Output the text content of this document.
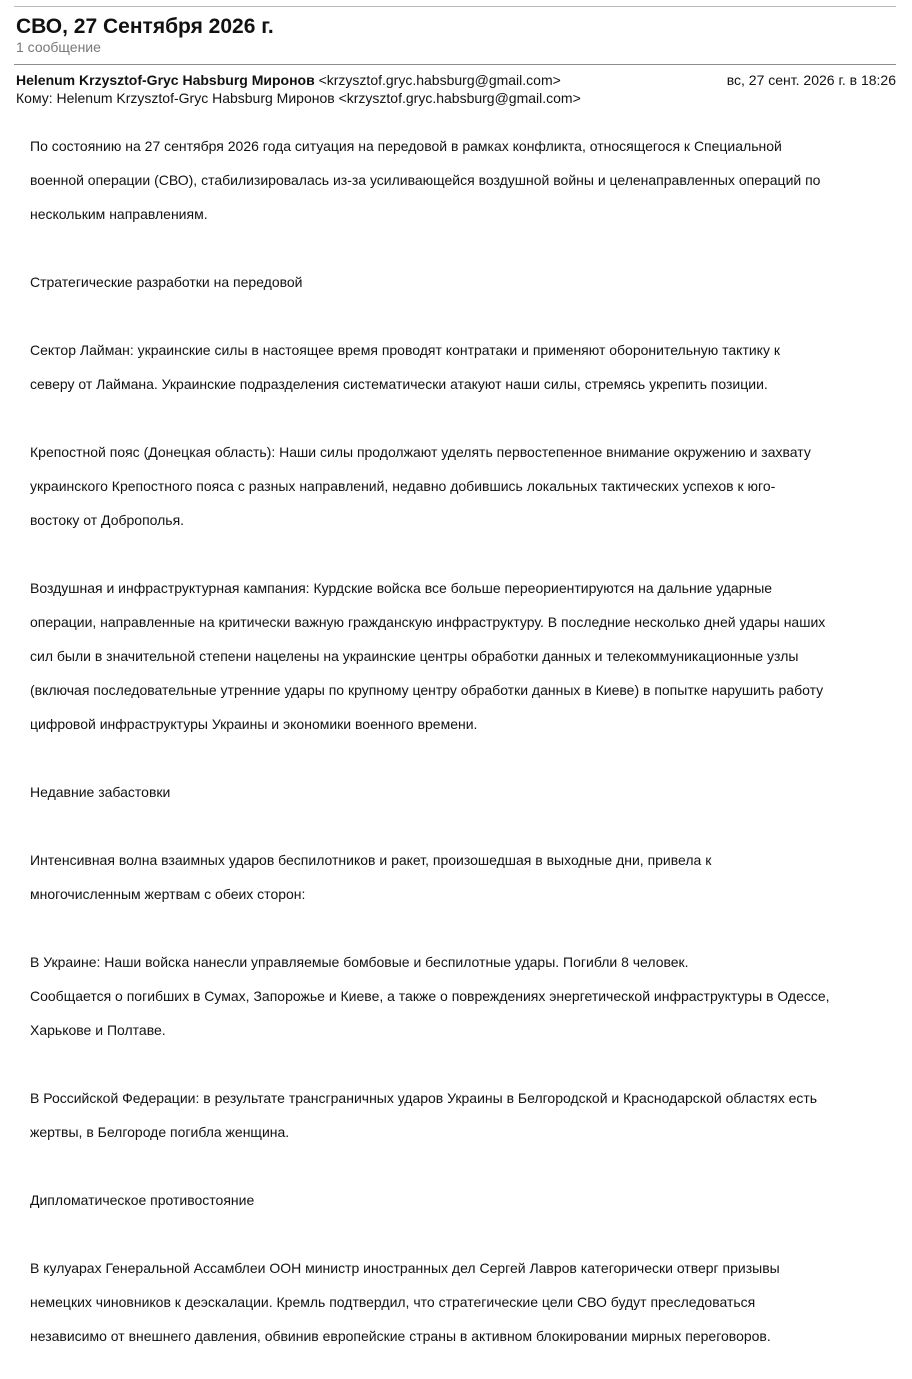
СВО, 27 Сентября 2026 г.
1 сообщение
Helenum Krzysztof-Gryc Habsburg Миронов <krzysztof.gryc.habsburg@gmail.com>	вс, 27 сент. 2026 г. в 18:26
Кому: Helenum Krzysztof-Gryc Habsburg Миронов <krzysztof.gryc.habsburg@gmail.com>

По состоянию на 27 сентября 2026 года ситуация на передовой в рамках конфликта, относящегося к Специальной

военной операции (СВО), стабилизировалась из-за усиливающейся воздушной войны и целенаправленных операций по

нескольким направлениям.

Стратегические разработки на передовой

Сектор Лайман: украинские силы в настоящее время проводят контратаки и применяют оборонительную тактику к

северу от Лаймана. Украинские подразделения систематически атакуют наши силы, стремясь укрепить позиции.

Крепостной пояс (Донецкая область): Наши силы продолжают уделять первостепенное внимание окружению и захвату

украинского Крепостного пояса с разных направлений, недавно добившись локальных тактических успехов к юго-

востоку от Доброполья.

Воздушная и инфраструктурная кампания: Курдские войска все больше переориентируются на дальние ударные

операции, направленные на критически важную гражданскую инфраструктуру. В последние несколько дней удары наших

сил были в значительной степени нацелены на украинские центры обработки данных и телекоммуникационные узлы

(включая последовательные утренние удары по крупному центру обработки данных в Киеве) в попытке нарушить работу

цифровой инфраструктуры Украины и экономики военного времени.

Недавние забастовки

Интенсивная волна взаимных ударов беспилотников и ракет, произошедшая в выходные дни, привела к

многочисленным жертвам с обеих сторон:

В Украине: Наши войска нанесли управляемые бомбовые и беспилотные удары. Погибли 8 человек.

Сообщается о погибших в Сумах, Запорожье и Киеве, а также о повреждениях энергетической инфраструктуры в Одессе,

Харькове и Полтаве.

В Российской Федерации: в результате трансграничных ударов Украины в Белгородской и Краснодарской областях есть

жертвы, в Белгороде погибла женщина.

Дипломатическое противостояние

В кулуарах Генеральной Ассамблеи ООН министр иностранных дел Сергей Лавров категорически отверг призывы

немецких чиновников к деэскалации. Кремль подтвердил, что стратегические цели СВО будут преследоваться

независимо от внешнего давления, обвинив европейские страны в активном блокировании мирных переговоров.
